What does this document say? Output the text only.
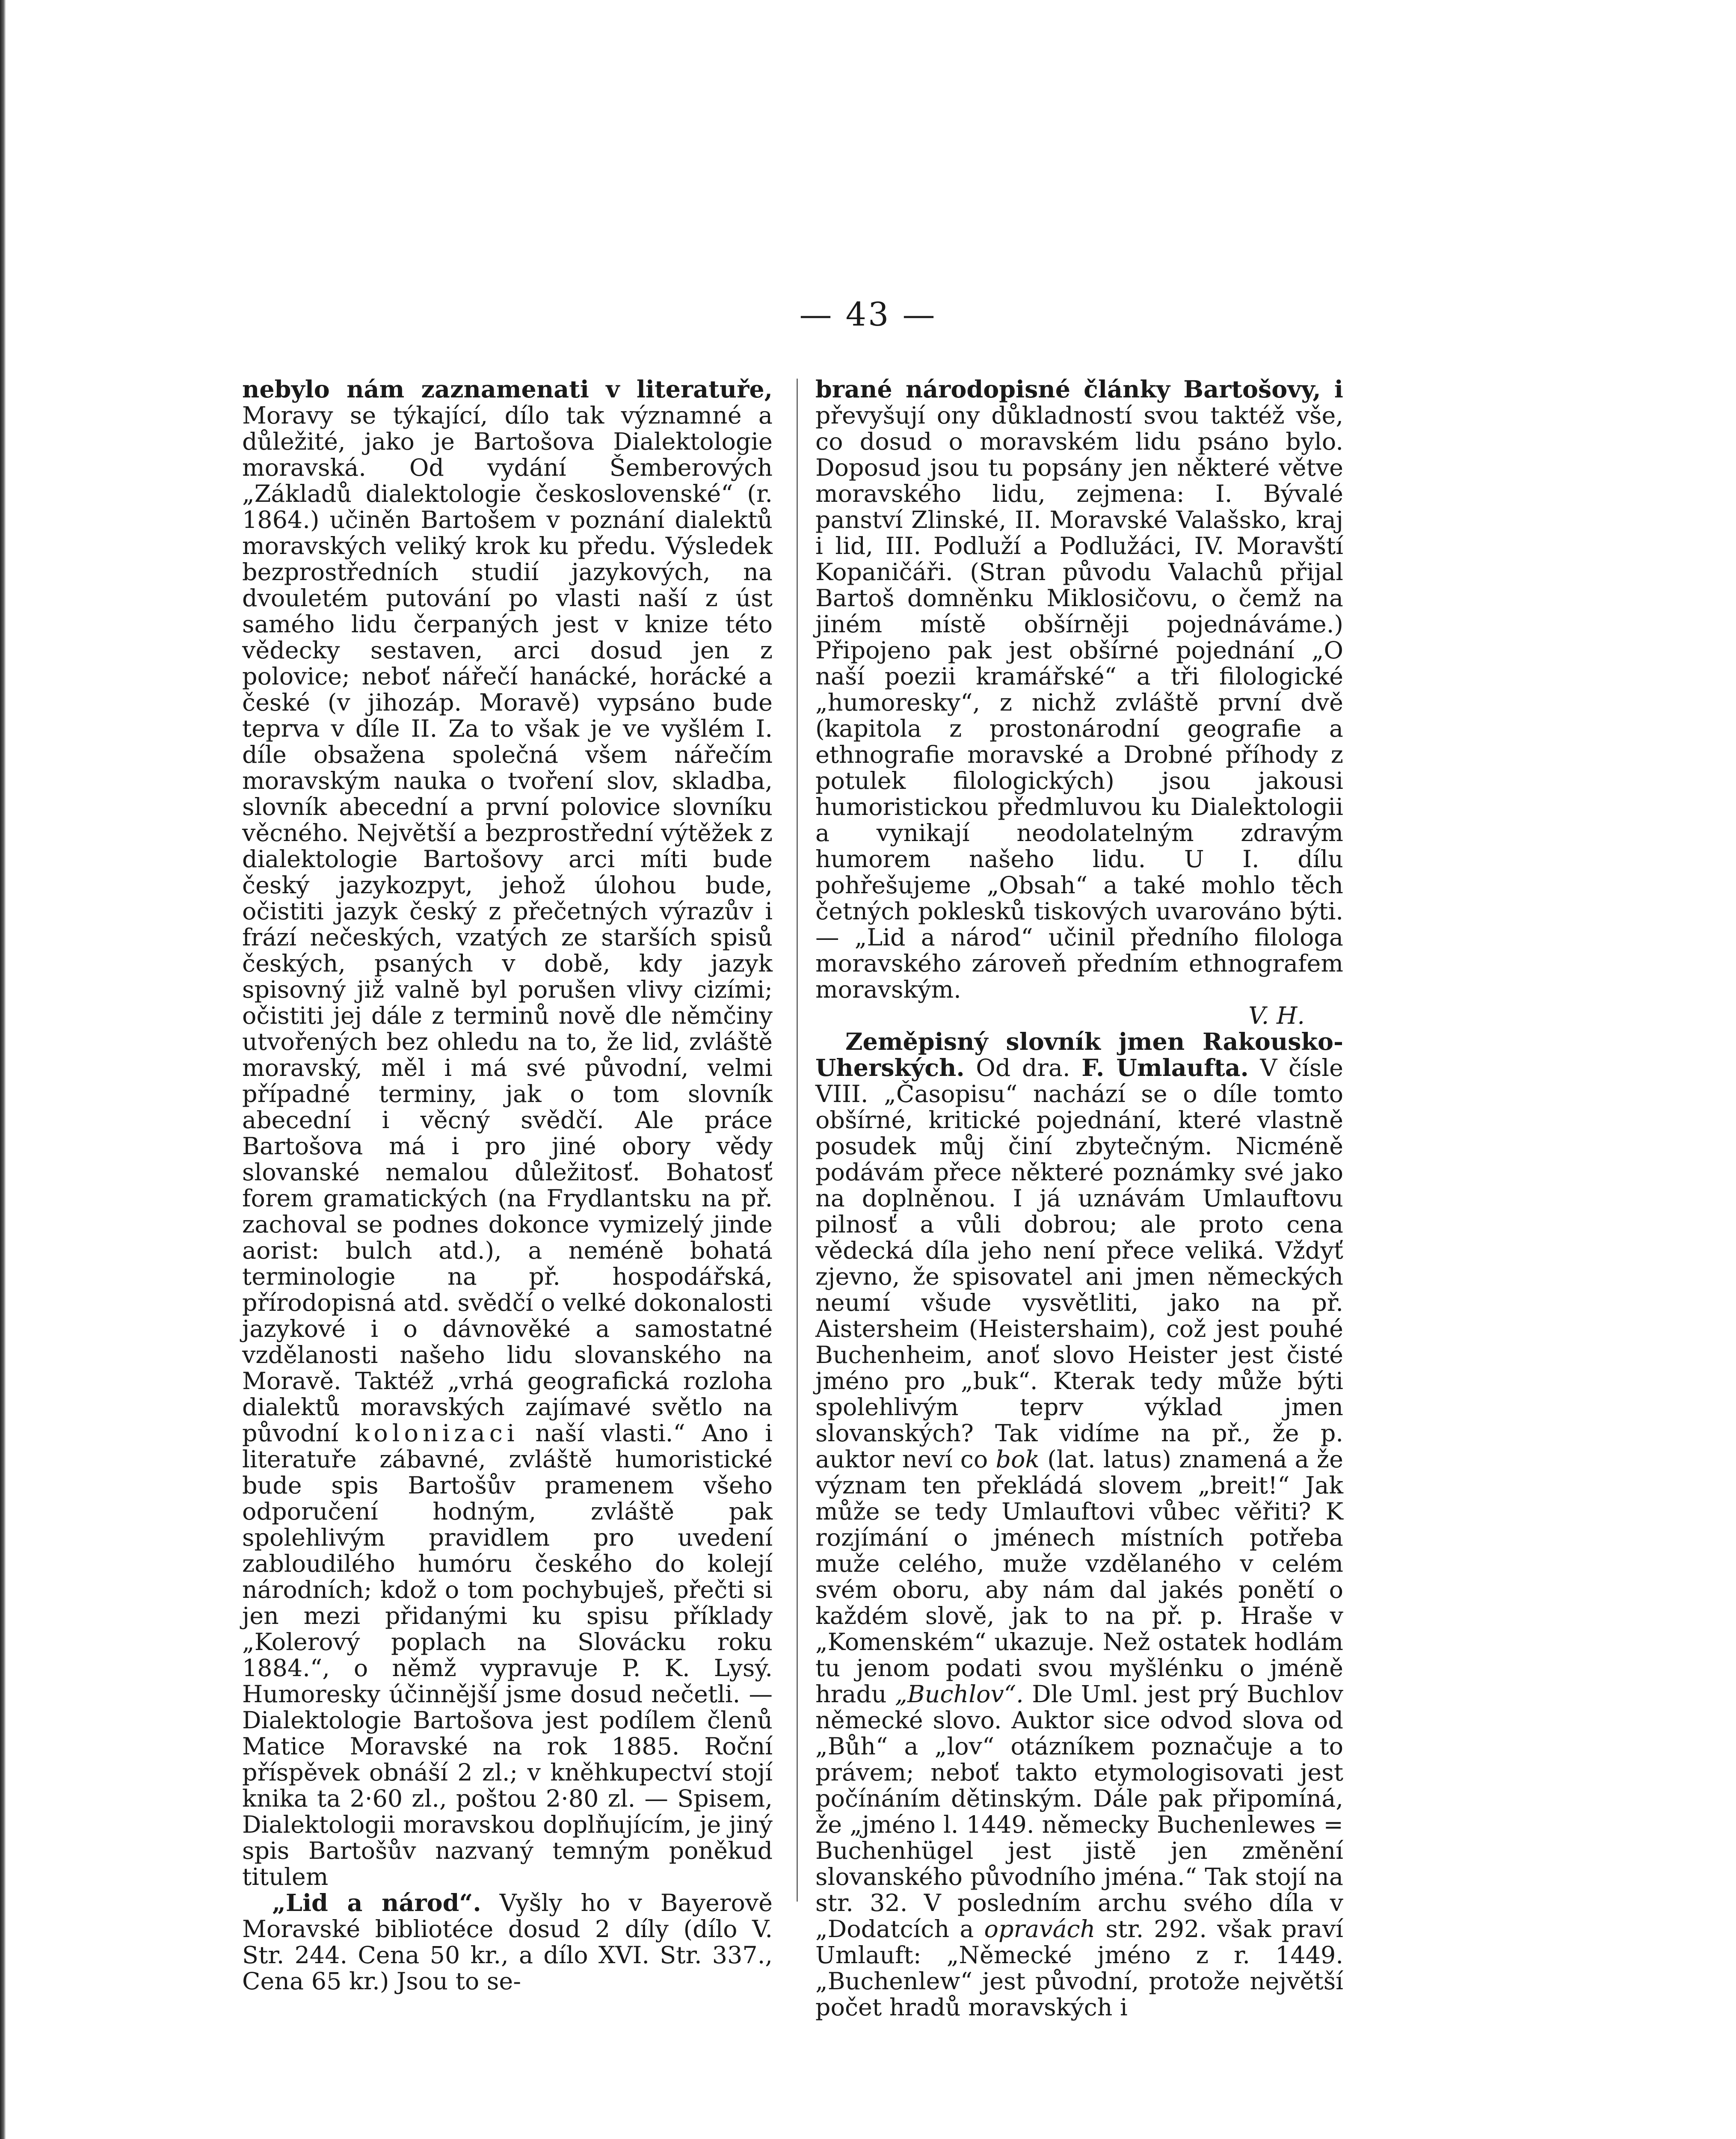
— 43 —

nebylo nám zaznamenati v literatuře, Moravy se týkající, dílo tak významné a důležité, jako je Bartošova Dialektologie moravská. Od vydání Šemberových „Základů dialektologie československé“ (r. 1864.) učiněn Bartošem v poznání dialektů moravských veliký krok ku předu. Výsledek bezprostředních studií jazykových, na dvouletém putování po vlasti naší z úst samého lidu čerpaných jest v knize této vědecky sestaven, arci dosud jen z polovice; neboť nářečí hanácké, horácké a české (v jihozáp. Moravě) vypsáno bude teprva v díle II. Za to však je ve vyšlém I. díle obsažena společná všem nářečím moravským nauka o tvoření slov, skladba, slovník abecední a první polovice slovníku věcného. Největší a bezprostřední výtěžek z dialektologie Bartošovy arci míti bude český jazykozpyt, jehož úlohou bude, očistiti jazyk český z přečetných výrazův i frází nečeských, vzatých ze starších spisů českých, psaných v době, kdy jazyk spisovný již valně byl porušen vlivy cizími; očistiti jej dále z terminů nově dle němčiny utvořených bez ohledu na to, že lid, zvláště moravský, měl i má své původní, velmi případné terminy, jak o tom slovník abecední i věcný svědčí. Ale práce Bartošova má i pro jiné obory vědy slovanské nemalou důležitosť. Bohatosť forem gramatických (na Frydlantsku na př. zachoval se podnes dokonce vymizelý jinde aorist: bulch atd.), a neméně bohatá terminologie na př. hospodářská, přírodopisná atd. svědčí o velké dokonalosti jazykové i o dávnověké a samostatné vzdělanosti našeho lidu slovanského na Moravě. Taktéž „vrhá geografická rozloha dialektů moravských zajímavé světlo na původní kolonizaci naší vlasti.“ Ano i literatuře zábavné, zvláště humoristické bude spis Bartošův pramenem všeho odporučení hodným, zvláště pak spolehlivým pravidlem pro uvedení zabloudilého humóru českého do kolejí národních; kdož o tom pochybuješ, přečti si jen mezi přidanými ku spisu příklady „Kolerový poplach na Slovácku roku 1884.“, o němž vypravuje P. K. Lysý. Humoresky účinnější jsme dosud nečetli. — Dialektologie Bartošova jest podílem členů Matice Moravské na rok 1885. Roční příspěvek obnáší 2 zl.; v kněhkupectví stojí knika ta 2·60 zl., poštou 2·80 zl. — Spisem, Dialektologii moravskou doplňujícím, je jiný spis Bartošův nazvaný temným poněkud titulem

„Lid a národ“. Vyšly ho v Bayerově Moravské bibliotéce dosud 2 díly (dílo V. Str. 244. Cena 50 kr., a dílo XVI. Str. 337., Cena 65 kr.) Jsou to se-

brané národopisné články Bartošovy, i převyšují ony důkladností svou taktéž vše, co dosud o moravském lidu psáno bylo. Doposud jsou tu popsány jen některé větve moravského lidu, zejmena: I. Bývalé panství Zlinské, II. Moravské Valašsko, kraj i lid, III. Podluží a Podlužáci, IV. Moravští Kopaničáři. (Stran původu Valachů přijal Bartoš domněnku Miklosičovu, o čemž na jiném místě obšírněji pojednáváme.) Připojeno pak jest obšírné pojednání „O naší poezii kramářské“ a tři filologické „humoresky“, z nichž zvláště první dvě (kapitola z prostonárodní geografie a ethnografie moravské a Drobné příhody z potulek filologických) jsou jakousi humoristickou předmluvou ku Dialektologii a vynikají neodolatelným zdravým humorem našeho lidu. U I. dílu pohřešujeme „Obsah“ a také mohlo těch četných poklesků tiskových uvarováno býti. — „Lid a národ“ učinil předního filologa moravského zároveň předním ethnografem moravským.

V. H.

Zeměpisný slovník jmen Rakousko-Uherských. Od dra. F. Umlaufta. V čísle VIII. „Časopisu“ nachází se o díle tomto obšírné, kritické pojednání, které vlastně posudek můj činí zbytečným. Nicméně podávám přece některé poznámky své jako na doplněnou. I já uznávám Umlauftovu pilnosť a vůli dobrou; ale proto cena vědecká díla jeho není přece veliká. Vždyť zjevno, že spisovatel ani jmen německých neumí všude vysvětliti, jako na př. Aistersheim (Heistershaim), což jest pouhé Buchenheim, anoť slovo Heister jest čisté jméno pro „buk“. Kterak tedy může býti spolehlivým teprv výklad jmen slovanských? Tak vidíme na př., že p. auktor neví co bok (lat. latus) znamená a že význam ten překládá slovem „breit!“ Jak může se tedy Umlauftovi vůbec věřiti? K rozjímání o jménech místních potřeba muže celého, muže vzdělaného v celém svém oboru, aby nám dal jakés ponětí o každém slově, jak to na př. p. Hraše v „Komenském“ ukazuje. Než ostatek hodlám tu jenom podati svou myšlénku o jméně hradu „Buchlov“. Dle Uml. jest prý Buchlov německé slovo. Auktor sice odvod slova od „Bůh“ a „lov“ otázníkem poznačuje a to právem; neboť takto etymologisovati jest počínáním dětinským. Dále pak připomíná, že „jméno l. 1449. německy Buchenlewes = Buchenhügel jest jistě jen změnění slovanského původního jména.“ Tak stojí na str. 32. V posledním archu svého díla v „Dodatcích a opravách str. 292. však praví Umlauft: „Německé jméno z r. 1449. „Buchenlew“ jest původní, protože největší počet hradů moravských i
